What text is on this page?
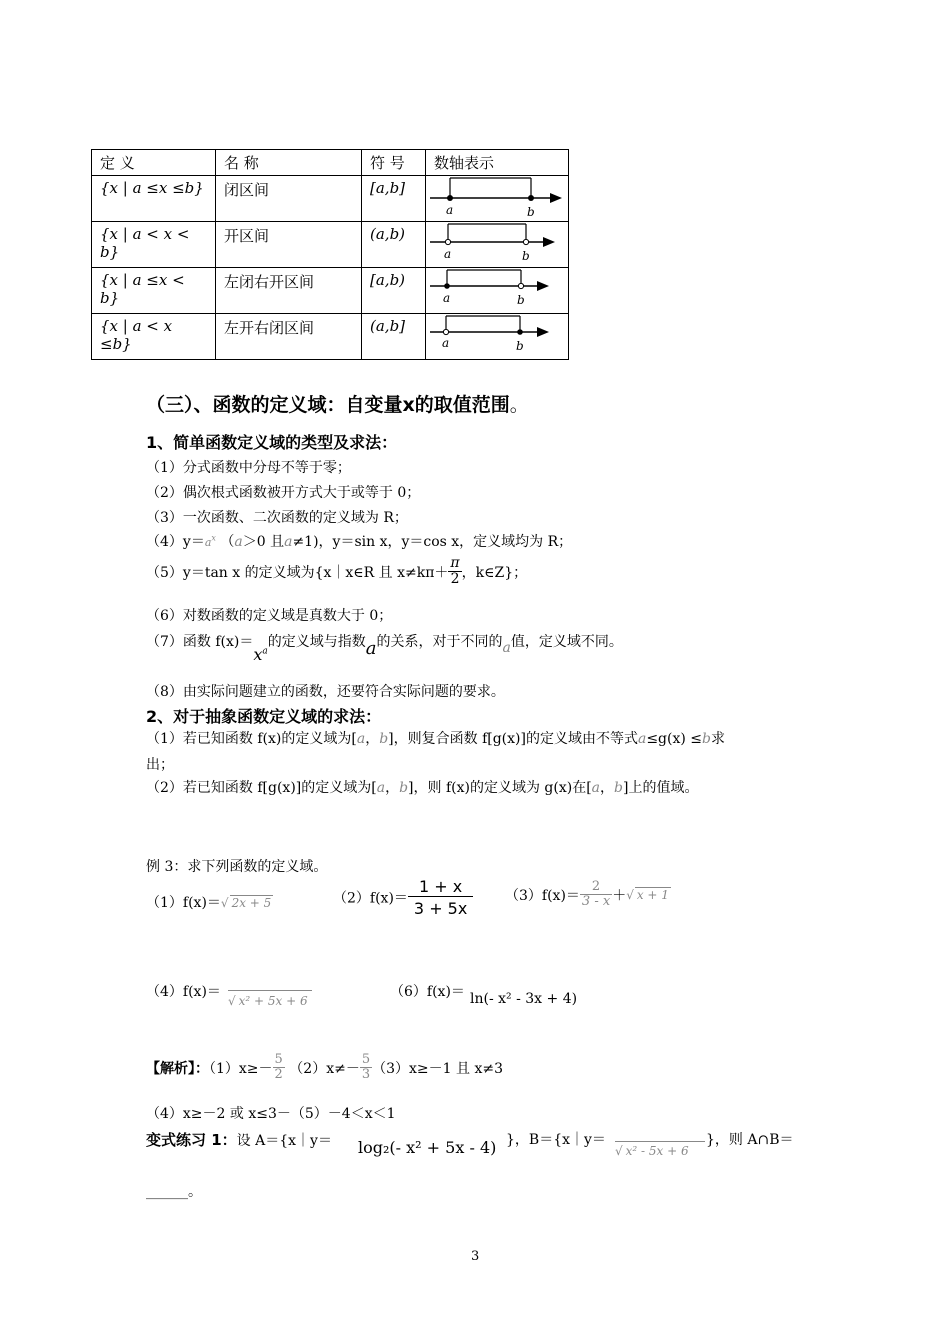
定 义	名 称	符 号	数轴表示
{x | a ≤x ≤b}	闭区间	[a,b]	a b

{x | a < x < b}	开区间	(a,b)	a b

{x | a ≤x < b}	左闭右开区间	[a,b)	a b

{x | a < x ≤b}	左开右闭区间	(a,b]	a b
（三）、函数的定义域：自变量x的取值范围。
1、简单函数定义域的类型及求法：
（1）分式函数中分母不等于零；
（2）偶次根式函数被开方式大于或等于 0；
（3）一次函数、二次函数的定义域为 R；
$(4)y=a^x$ （a＞0 且a≠1)，y＝sin x，y＝cos x，定义域均为 R；
（5）y＝tan x 的定义域为{x｜x∈R 且 $x\ne k\pi+ \frac{\pi}{2}$ ，k∈Z}；
（6）对数函数的定义域是真数大于 0；
（7）函数 $f(x)=x^a$的定义域与指数a的关系，对于不同的a值，定义域不同。
（8）由实际问题建立的函数，还要符合实际问题的要求。
2、对于抽象函数定义域的求法：
（1）若已知函数 f(x)的定义域为[a，b]，则复合函数 f[g(x)]的定义域由不等式a≤g(x) ≤b求
出；
（2）若已知函数 f[g(x)]的定义域为[a，b]，则 f(x)的定义域为 g(x)在[a，b]上的值域。
例 3：求下列函数的定义域。
（1）f(x)＝√ 2x + 5	$(2)f(x)= \frac{1 + x}{3 + 5x} (3)f(x)= \frac{2}{3 - x}$ ＋√ x + 1
（4）f(x)＝
√ x² + 5x + 6
（6）f(x)＝ ln(- x² - 3x + 4)
【解析】：$(1)x\ge- \frac{5}{2} (2)x\ne- \frac{5}{3} (3)x\ge-1$ 且 x≠3
（4）x≥－2 或 x≤3－（5）－4＜x＜1
变式练习 1：设 A＝{x｜y＝ log₂(- x² + 5x - 4) }，B＝{x｜y＝
√ x² - 5x + 6
}，则 A∩B＝
______。
3
